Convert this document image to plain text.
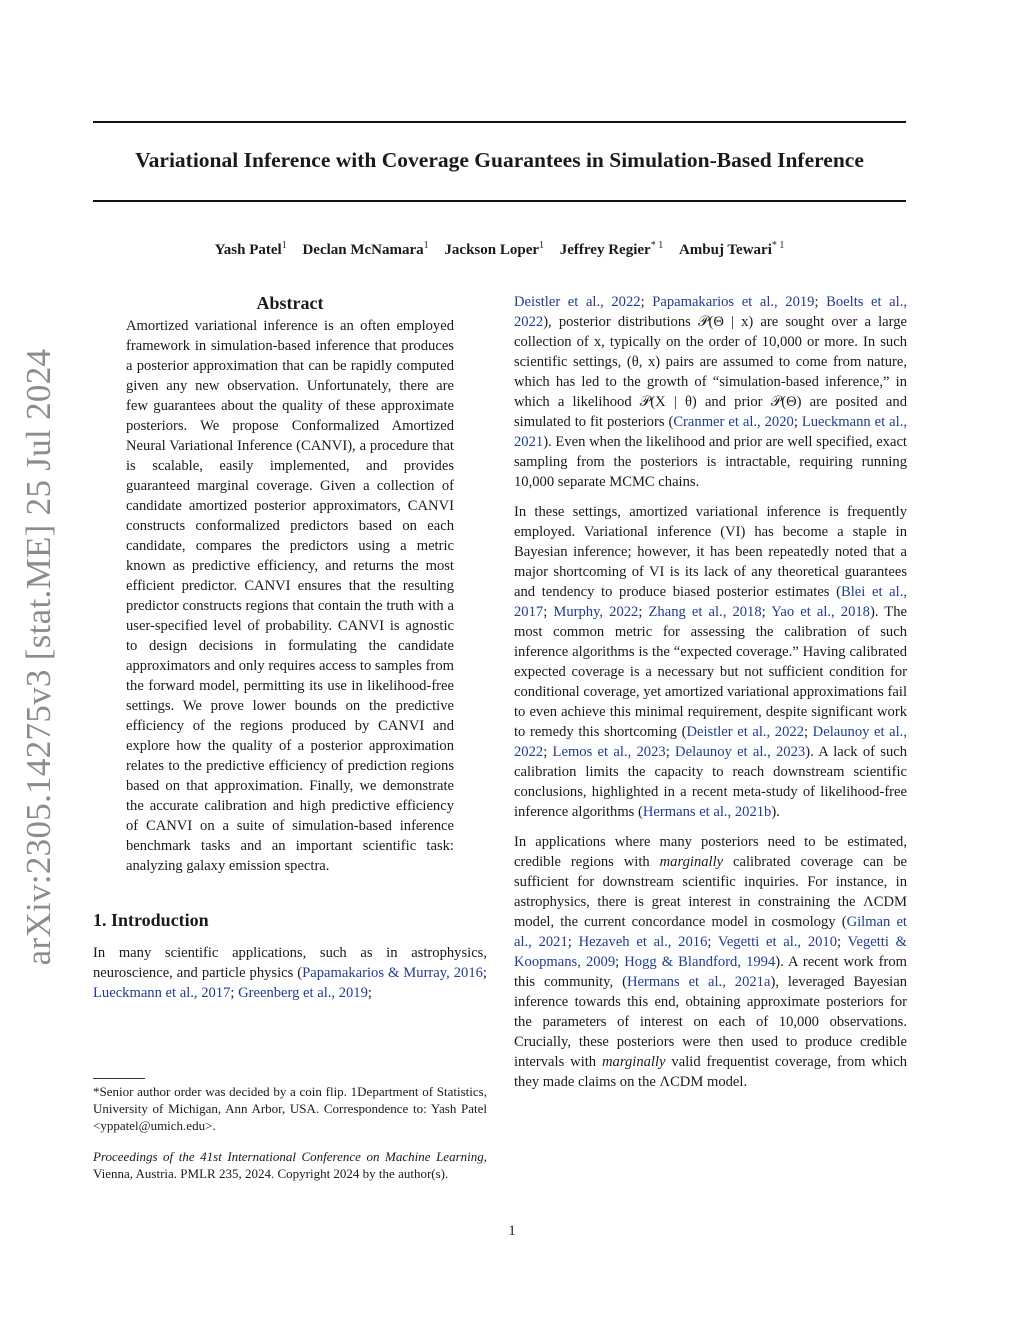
arXiv:2305.14275v3 [stat.ME] 25 Jul 2024
Variational Inference with Coverage Guarantees in Simulation-Based Inference
Yash Patel$^1$ Declan McNamara$^1$ Jackson Loper$^1$ Jeffrey Regier$^{* 1}$ Ambuj Tewari$^{* 1}$
Abstract

Amortized variational inference is an often employed framework in simulation-based inference that produces a posterior approximation that can be rapidly computed given any new observation. Unfortunately, there are few guarantees about the quality of these approximate posteriors. We propose Conformalized Amortized Neural Variational Inference (CANVI), a procedure that is scalable, easily implemented, and provides guaranteed marginal coverage. Given a collection of candidate amortized posterior approximators, CANVI constructs conformalized predictors based on each candidate, compares the predictors using a metric known as predictive efficiency, and returns the most efficient predictor. CANVI ensures that the resulting predictor constructs regions that contain the truth with a user-specified level of probability. CANVI is agnostic to design decisions in formulating the candidate approximators and only requires access to samples from the forward model, permitting its use in likelihood-free settings. We prove lower bounds on the predictive efficiency of the regions produced by CANVI and explore how the quality of a posterior approximation relates to the predictive efficiency of prediction regions based on that approximation. Finally, we demonstrate the accurate calibration and high predictive efficiency of CANVI on a suite of simulation-based inference benchmark tasks and an important scientific task: analyzing galaxy emission spectra.

1. Introduction

In many scientific applications, such as in astrophysics, neuroscience, and particle physics (Papamakarios & Murray, 2016; Lueckmann et al., 2017; Greenberg et al., 2019;

*Senior author order was decided by a coin flip. 1Department of Statistics, University of Michigan, Ann Arbor, USA. Correspondence to: Yash Patel <yppatel@umich.edu>.
Proceedings of the 41st International Conference on Machine Learning, Vienna, Austria. PMLR 235, 2024. Copyright 2024 by the author(s).

Deistler et al., 2022; Papamakarios et al., 2019; Boelts et al., 2022), posterior distributions 𝒫(Θ | x) are sought over a large collection of x, typically on the order of 10,000 or more. In such scientific settings, (θ, x) pairs are assumed to come from nature, which has led to the growth of “simulation-based inference,” in which a likelihood 𝒫(X | θ) and prior 𝒫(Θ) are posited and simulated to fit posteriors (Cranmer et al., 2020; Lueckmann et al., 2021). Even when the likelihood and prior are well specified, exact sampling from the posteriors is intractable, requiring running 10,000 separate MCMC chains.

In these settings, amortized variational inference is frequently employed. Variational inference (VI) has become a staple in Bayesian inference; however, it has been repeatedly noted that a major shortcoming of VI is its lack of any theoretical guarantees and tendency to produce biased posterior estimates (Blei et al., 2017; Murphy, 2022; Zhang et al., 2018; Yao et al., 2018). The most common metric for assessing the calibration of such inference algorithms is the “expected coverage.” Having calibrated expected coverage is a necessary but not sufficient condition for conditional coverage, yet amortized variational approximations fail to even achieve this minimal requirement, despite significant work to remedy this shortcoming (Deistler et al., 2022; Delaunoy et al., 2022; Lemos et al., 2023; Delaunoy et al., 2023). A lack of such calibration limits the capacity to reach downstream scientific conclusions, highlighted in a recent meta-study of likelihood-free inference algorithms (Hermans et al., 2021b).

In applications where many posteriors need to be estimated, credible regions with marginally calibrated coverage can be sufficient for downstream scientific inquiries. For instance, in astrophysics, there is great interest in constraining the ΛCDM model, the current concordance model in cosmology (Gilman et al., 2021; Hezaveh et al., 2016; Vegetti et al., 2010; Vegetti & Koopmans, 2009; Hogg & Blandford, 1994). A recent work from this community, (Hermans et al., 2021a), leveraged Bayesian inference towards this end, obtaining approximate posteriors for the parameters of interest on each of 10,000 observations. Crucially, these posteriors were then used to produce credible intervals with marginally valid frequentist coverage, from which they made claims on the ΛCDM model.

1
